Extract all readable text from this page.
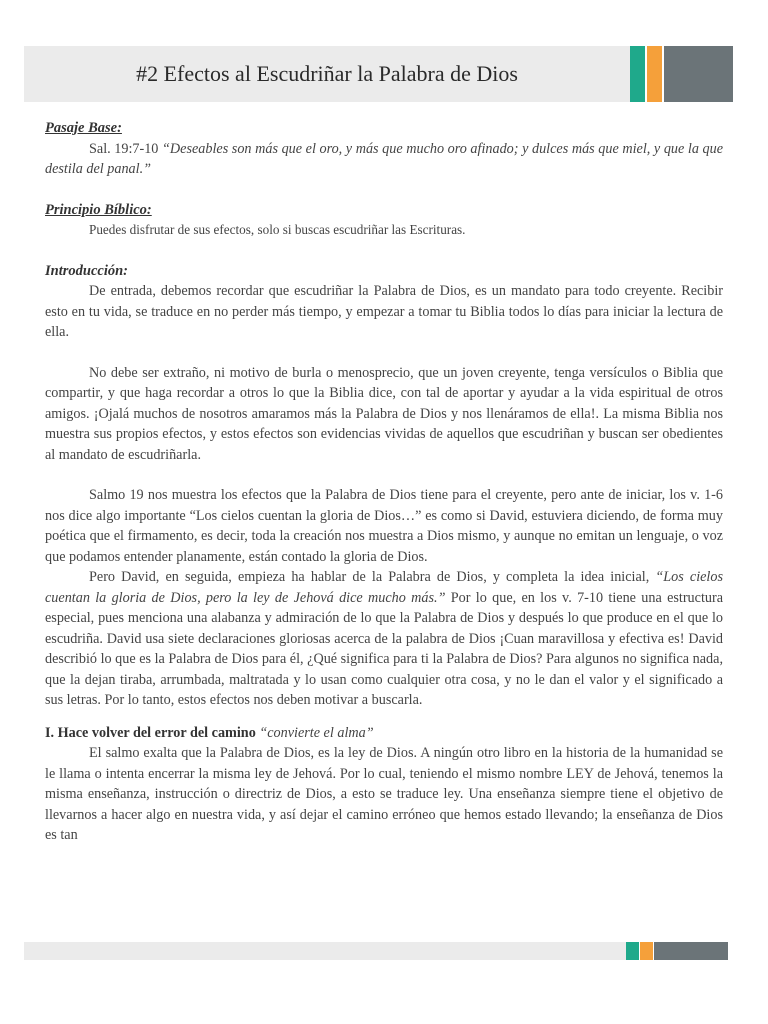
#2 Efectos al Escudriñar la Palabra de Dios

Pasaje Base:

Sal. 19:7-10 “Deseables son más que el oro, y más que mucho oro afinado; y dulces más que miel, y que la que destila del panal.”

Principio Bíblico:

Puedes disfrutar de sus efectos, solo si buscas escudriñar las Escrituras.

Introducción:

De entrada, debemos recordar que escudriñar la Palabra de Dios, es un mandato para todo creyente. Recibir esto en tu vida, se traduce en no perder más tiempo, y empezar a tomar tu Biblia todos lo días para iniciar la lectura de ella.

No debe ser extraño, ni motivo de burla o menosprecio, que un joven creyente, tenga versículos o Biblia que compartir, y que haga recordar a otros lo que la Biblia dice, con tal de aportar y ayudar a la vida espiritual de otros amigos. ¡Ojalá muchos de nosotros amaramos más la Palabra de Dios y nos llenáramos de ella!. La misma Biblia nos muestra sus propios efectos, y estos efectos son evidencias vividas de aquellos que escudriñan y buscan ser obedientes al mandato de escudriñarla.

Salmo 19 nos muestra los efectos que la Palabra de Dios tiene para el creyente, pero ante de iniciar, los v. 1-6 nos dice algo importante “Los cielos cuentan la gloria de Dios…” es como si David, estuviera diciendo, de forma muy poética que el firmamento, es decir, toda la creación nos muestra a Dios mismo, y aunque no emitan un lenguaje, o voz que podamos entender planamente, están contado la gloria de Dios.

Pero David, en seguida, empieza ha hablar de la Palabra de Dios, y completa la idea inicial, “Los cielos cuentan la gloria de Dios, pero la ley de Jehová dice mucho más.” Por lo que, en los v. 7-10 tiene una estructura especial, pues menciona una alabanza y admiración de lo que la Palabra de Dios y después lo que produce en el que lo escudriña. David usa siete declaraciones gloriosas acerca de la palabra de Dios ¡Cuan maravillosa y efectiva es! David describió lo que es la Palabra de Dios para él, ¿Qué significa para ti la Palabra de Dios? Para algunos no significa nada, que la dejan tiraba, arrumbada, maltratada y lo usan como cualquier otra cosa, y no le dan el valor y el significado a sus letras. Por lo tanto, estos efectos nos deben motivar a buscarla.

I. Hace volver del error del camino “convierte el alma”

El salmo exalta que la Palabra de Dios, es la ley de Dios. A ningún otro libro en la historia de la humanidad se le llama o intenta encerrar la misma ley de Jehová. Por lo cual, teniendo el mismo nombre LEY de Jehová, tenemos la misma enseñanza, instrucción o directriz de Dios, a esto se traduce ley. Una enseñanza siempre tiene el objetivo de llevarnos a hacer algo en nuestra vida, y así dejar el camino erróneo que hemos estado llevando; la enseñanza de Dios es tan
